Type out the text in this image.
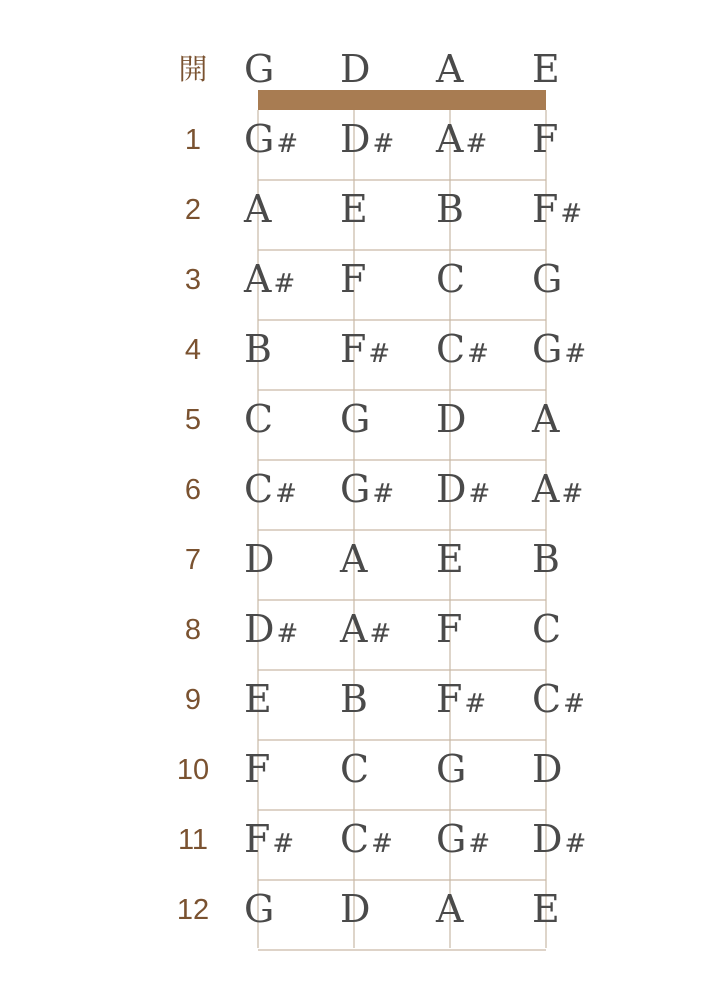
開
1
2
3
4
5
6
7
8
9
10
11
12
G D A E
G# D# A# F
A E B F#
A# F C G
B F# C# G#
C G D A
C# G# D# A#
D A E B
D# A# F C
E B F# C#
F C G D
F# C# G# D#
G D A E
